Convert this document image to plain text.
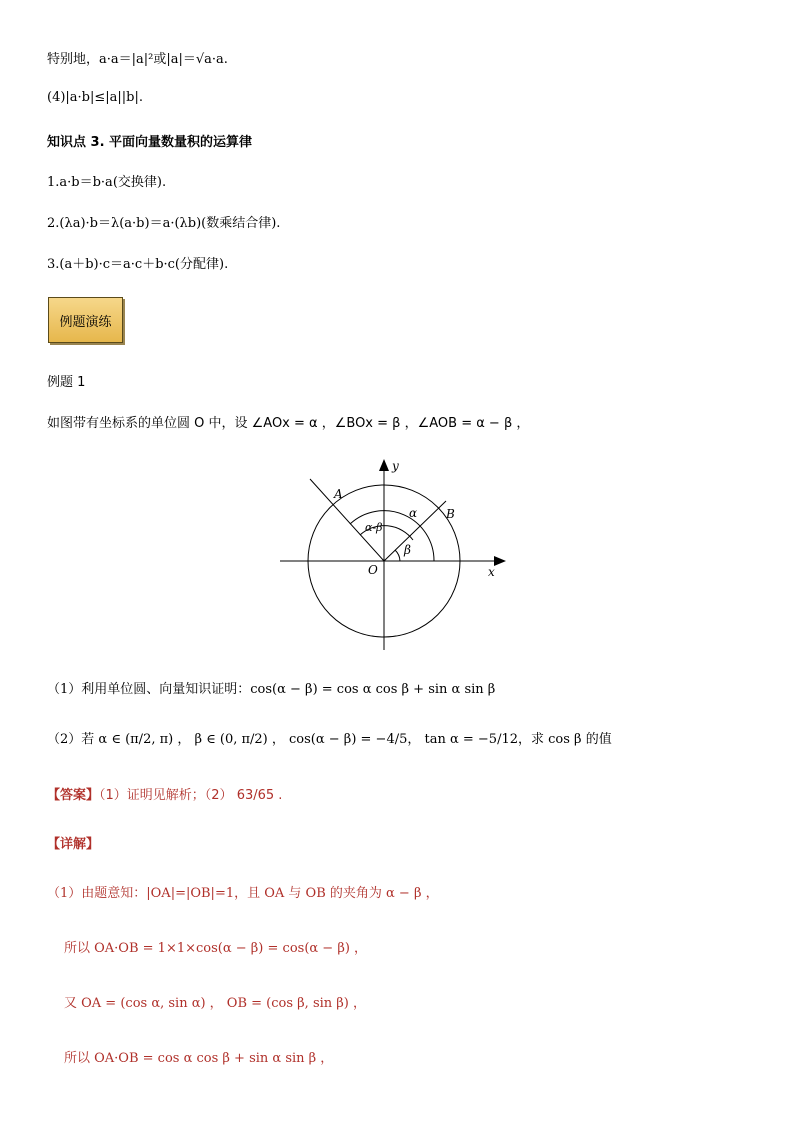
特别地，a·a＝|a|²或|a|＝√a·a.
(4)|a·b|≤|a||b|.
知识点 3. 平面向量数量积的运算律
1.a·b＝b·a(交换律).
2.(λa)·b＝λ(a·b)＝a·(λb)(数乘结合律).
3.(a＋b)·c＝a·c＋b·c(分配律).
例题演练
例题 1
如图带有坐标系的单位圆 O 中，设 ∠AOx = α ，∠BOx = β ，∠AOB = α − β ，
y
x
O
A
B
α
β
α-β
（1）利用单位圆、向量知识证明：cos(α − β) = cos α cos β + sin α sin β
（2）若 α ∈ (π/2, π) ， β ∈ (0, π/2) ， cos(α − β) = −4/5， tan α = −5/12，求 cos β 的值
【答案】（1）证明见解析；（2） 63/65 .
【详解】
（1）由题意知：|OA|=|OB|=1，且 OA 与 OB 的夹角为 α − β ，
所以 OA·OB = 1×1×cos(α − β) = cos(α − β) ，
又 OA = (cos α, sin α) ， OB = (cos β, sin β) ，
所以 OA·OB = cos α cos β + sin α sin β ，
